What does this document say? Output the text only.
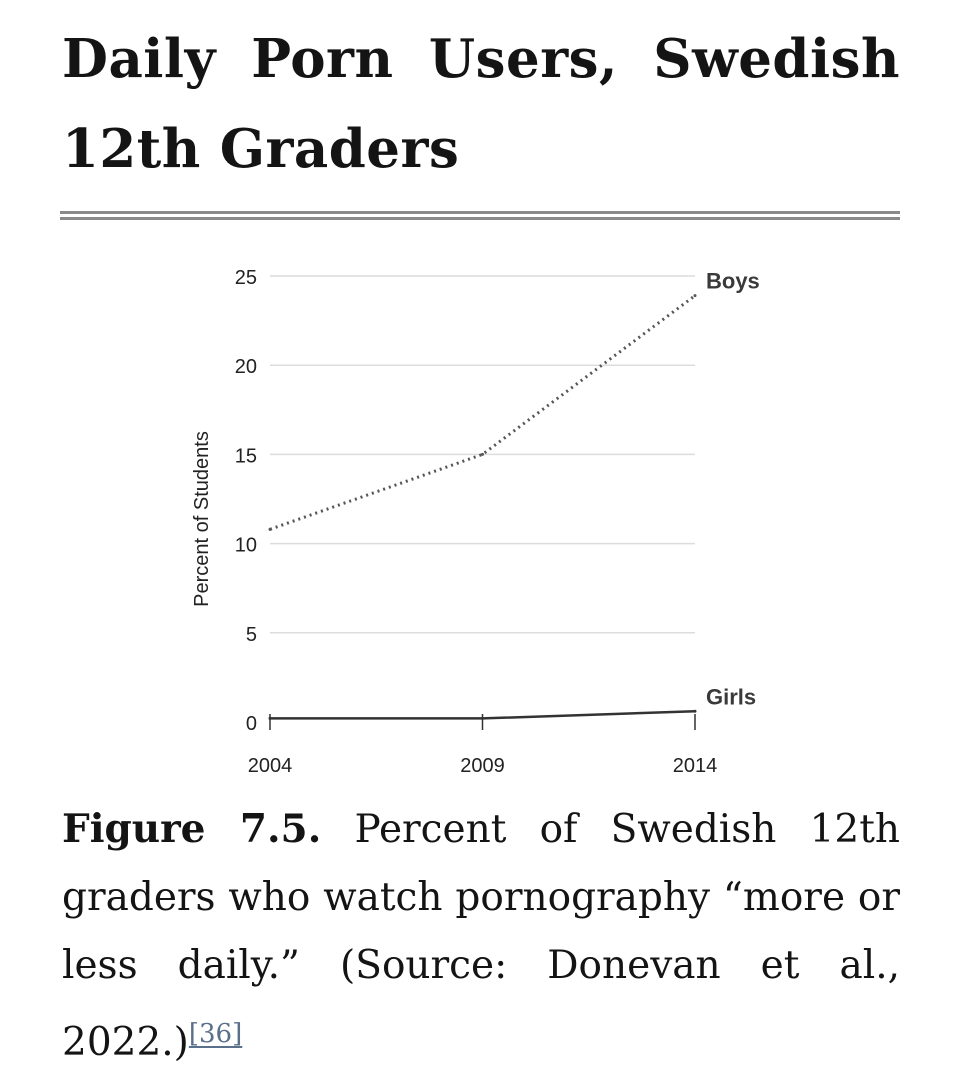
Daily Porn Users, Swedish 12th Graders
0
5
10
15
20
25
2004	2009	2014
Boys
Girls
Percent of Students

Figure 7.5. Percent of Swedish 12th graders who watch pornography “more or less daily.” (Source: Donevan et al., 2022.)[36]
